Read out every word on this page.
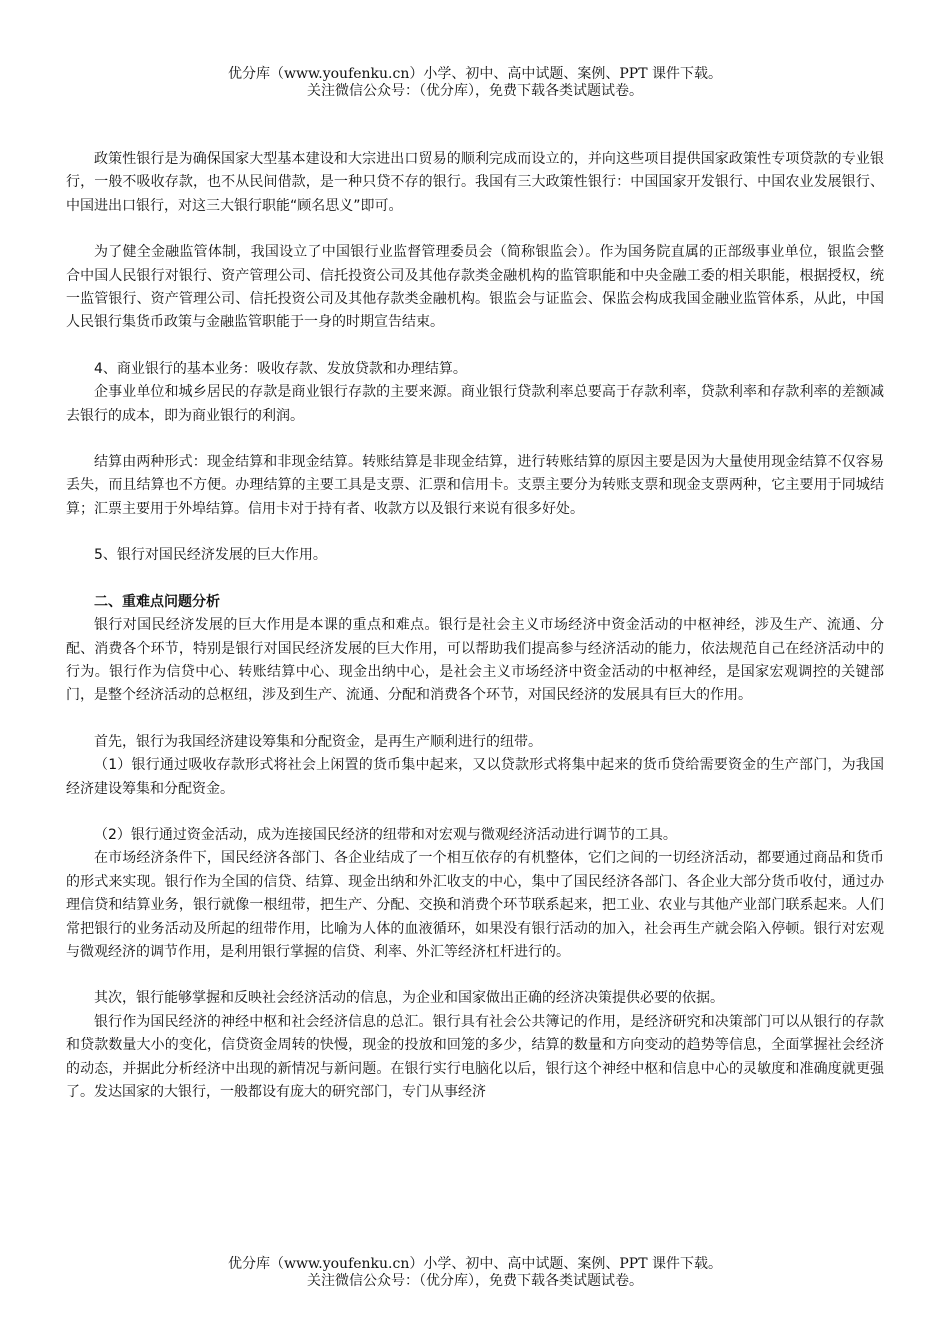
优分库（www.youfenku.cn）小学、初中、高中试题、案例、PPT 课件下载。
关注微信公众号：（优分库），免费下载各类试题试卷。

政策性银行是为确保国家大型基本建设和大宗进出口贸易的顺利完成而设立的，并向这些项目提供国家政策性专项贷款的专业银行，一般不吸收存款，也不从民间借款，是一种只贷不存的银行。我国有三大政策性银行：中国国家开发银行、中国农业发展银行、中国进出口银行，对这三大银行职能“顾名思义”即可。

为了健全金融监管体制，我国设立了中国银行业监督管理委员会（简称银监会）。作为国务院直属的正部级事业单位，银监会整合中国人民银行对银行、资产管理公司、信托投资公司及其他存款类金融机构的监管职能和中央金融工委的相关职能，根据授权，统一监管银行、资产管理公司、信托投资公司及其他存款类金融机构。银监会与证监会、保监会构成我国金融业监管体系，从此，中国人民银行集货币政策与金融监管职能于一身的时期宣告结束。

4、商业银行的基本业务：吸收存款、发放贷款和办理结算。

企事业单位和城乡居民的存款是商业银行存款的主要来源。商业银行贷款利率总要高于存款利率，贷款利率和存款利率的差额减去银行的成本，即为商业银行的利润。

结算由两种形式：现金结算和非现金结算。转账结算是非现金结算，进行转账结算的原因主要是因为大量使用现金结算不仅容易丢失，而且结算也不方便。办理结算的主要工具是支票、汇票和信用卡。支票主要分为转账支票和现金支票两种，它主要用于同城结算；汇票主要用于外埠结算。信用卡对于持有者、收款方以及银行来说有很多好处。

5、银行对国民经济发展的巨大作用。

二、重难点问题分析

银行对国民经济发展的巨大作用是本课的重点和难点。银行是社会主义市场经济中资金活动的中枢神经，涉及生产、流通、分配、消费各个环节，特别是银行对国民经济发展的巨大作用，可以帮助我们提高参与经济活动的能力，依法规范自己在经济活动中的行为。银行作为信贷中心、转账结算中心、现金出纳中心，是社会主义市场经济中资金活动的中枢神经，是国家宏观调控的关键部门，是整个经济活动的总枢纽，涉及到生产、流通、分配和消费各个环节，对国民经济的发展具有巨大的作用。

首先，银行为我国经济建设筹集和分配资金，是再生产顺利进行的纽带。

（1）银行通过吸收存款形式将社会上闲置的货币集中起来，又以贷款形式将集中起来的货币贷给需要资金的生产部门，为我国经济建设筹集和分配资金。

（2）银行通过资金活动，成为连接国民经济的纽带和对宏观与微观经济活动进行调节的工具。

在市场经济条件下，国民经济各部门、各企业结成了一个相互依存的有机整体，它们之间的一切经济活动，都要通过商品和货币的形式来实现。银行作为全国的信贷、结算、现金出纳和外汇收支的中心，集中了国民经济各部门、各企业大部分货币收付，通过办理信贷和结算业务，银行就像一根纽带，把生产、分配、交换和消费个环节联系起来，把工业、农业与其他产业部门联系起来。人们常把银行的业务活动及所起的纽带作用，比喻为人体的血液循环，如果没有银行活动的加入，社会再生产就会陷入停顿。银行对宏观与微观经济的调节作用，是利用银行掌握的信贷、利率、外汇等经济杠杆进行的。

其次，银行能够掌握和反映社会经济活动的信息，为企业和国家做出正确的经济决策提供必要的依据。

银行作为国民经济的神经中枢和社会经济信息的总汇。银行具有社会公共簿记的作用，是经济研究和决策部门可以从银行的存款和贷款数量大小的变化，信贷资金周转的快慢，现金的投放和回笼的多少，结算的数量和方向变动的趋势等信息，全面掌握社会经济的动态，并据此分析经济中出现的新情况与新问题。在银行实行电脑化以后，银行这个神经中枢和信息中心的灵敏度和准确度就更强了。发达国家的大银行，一般都设有庞大的研究部门，专门从事经济

优分库（www.youfenku.cn）小学、初中、高中试题、案例、PPT 课件下载。
关注微信公众号：（优分库），免费下载各类试题试卷。
